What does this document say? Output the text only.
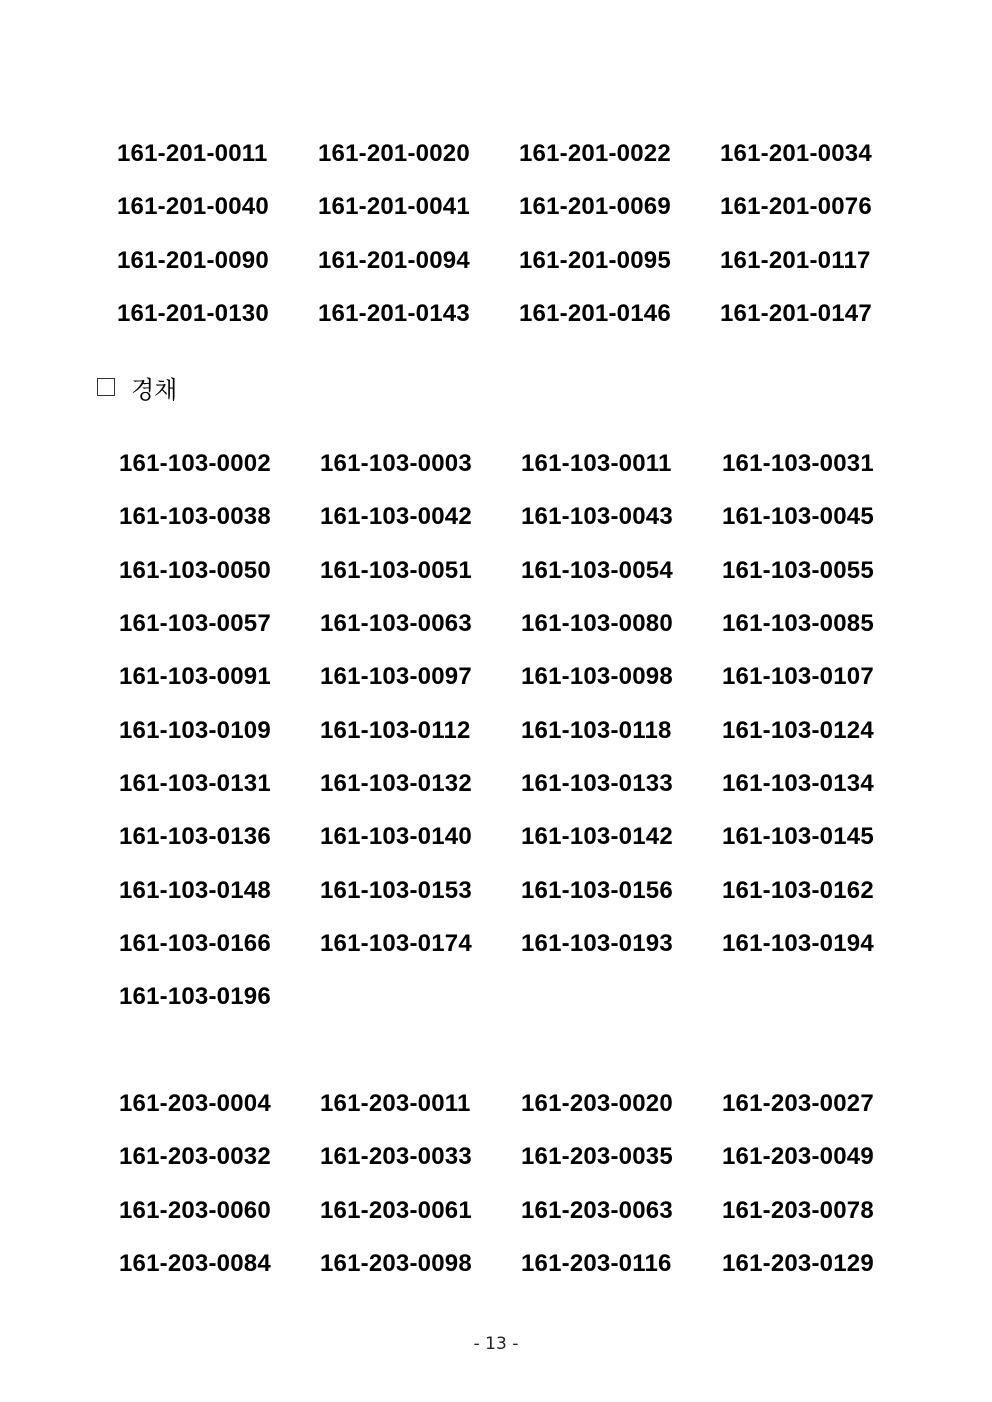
161-201-0011	161-201-0020	161-201-0022	161-201-0034
161-201-0040	161-201-0041	161-201-0069	161-201-0076
161-201-0090	161-201-0094	161-201-0095	161-201-0117
161-201-0130	161-201-0143	161-201-0146	161-201-0147
경채
161-103-0002	161-103-0003	161-103-0011	161-103-0031
161-103-0038	161-103-0042	161-103-0043	161-103-0045
161-103-0050	161-103-0051	161-103-0054	161-103-0055
161-103-0057	161-103-0063	161-103-0080	161-103-0085
161-103-0091	161-103-0097	161-103-0098	161-103-0107
161-103-0109	161-103-0112	161-103-0118	161-103-0124
161-103-0131	161-103-0132	161-103-0133	161-103-0134
161-103-0136	161-103-0140	161-103-0142	161-103-0145
161-103-0148	161-103-0153	161-103-0156	161-103-0162
161-103-0166	161-103-0174	161-103-0193	161-103-0194
161-103-0196
161-203-0004	161-203-0011	161-203-0020	161-203-0027
161-203-0032	161-203-0033	161-203-0035	161-203-0049
161-203-0060	161-203-0061	161-203-0063	161-203-0078
161-203-0084	161-203-0098	161-203-0116	161-203-0129
- 13 -
